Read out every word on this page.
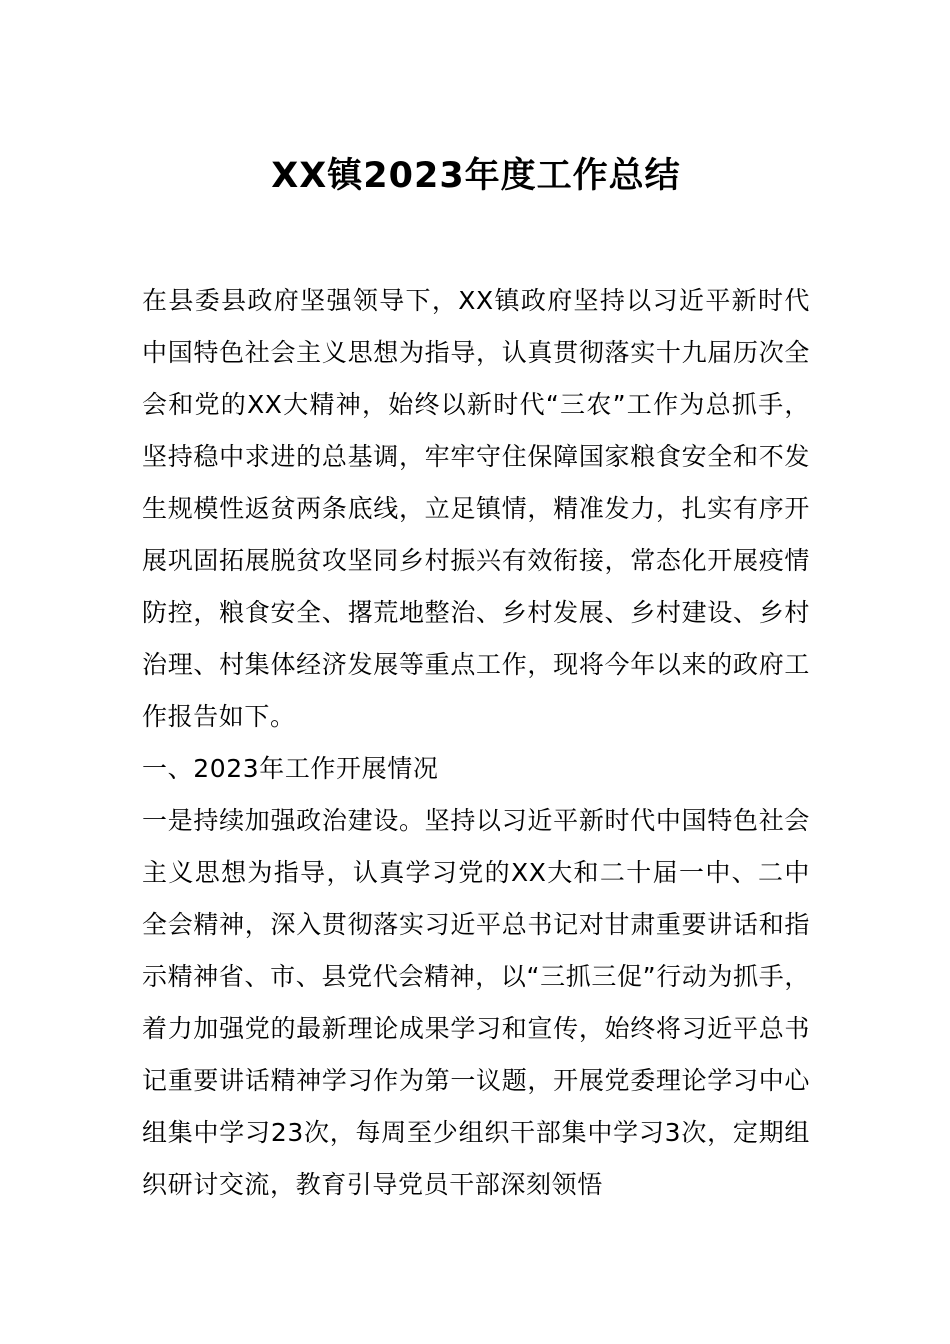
XX镇2023年度工作总结

在县委县政府坚强领导下，XX镇政府坚持以习近平新时代中国特色社会主义思想为指导，认真贯彻落实十九届历次全会和党的XX大精神，始终以新时代“三农”工作为总抓手，坚持稳中求进的总基调，牢牢守住保障国家粮食安全和不发生规模性返贫两条底线，立足镇情，精准发力，扎实有序开展巩固拓展脱贫攻坚同乡村振兴有效衔接，常态化开展疫情防控，粮食安全、撂荒地整治、乡村发展、乡村建设、乡村治理、村集体经济发展等重点工作，现将今年以来的政府工作报告如下。

一、2023年工作开展情况

一是持续加强政治建设。坚持以习近平新时代中国特色社会主义思想为指导，认真学习党的XX大和二十届一中、二中全会精神，深入贯彻落实习近平总书记对甘肃重要讲话和指示精神省、市、县党代会精神，以“三抓三促”行动为抓手，着力加强党的最新理论成果学习和宣传，始终将习近平总书记重要讲话精神学习作为第一议题，开展党委理论学习中心组集中学习23次，每周至少组织干部集中学习3次，定期组织研讨交流，教育引导党员干部深刻领悟
